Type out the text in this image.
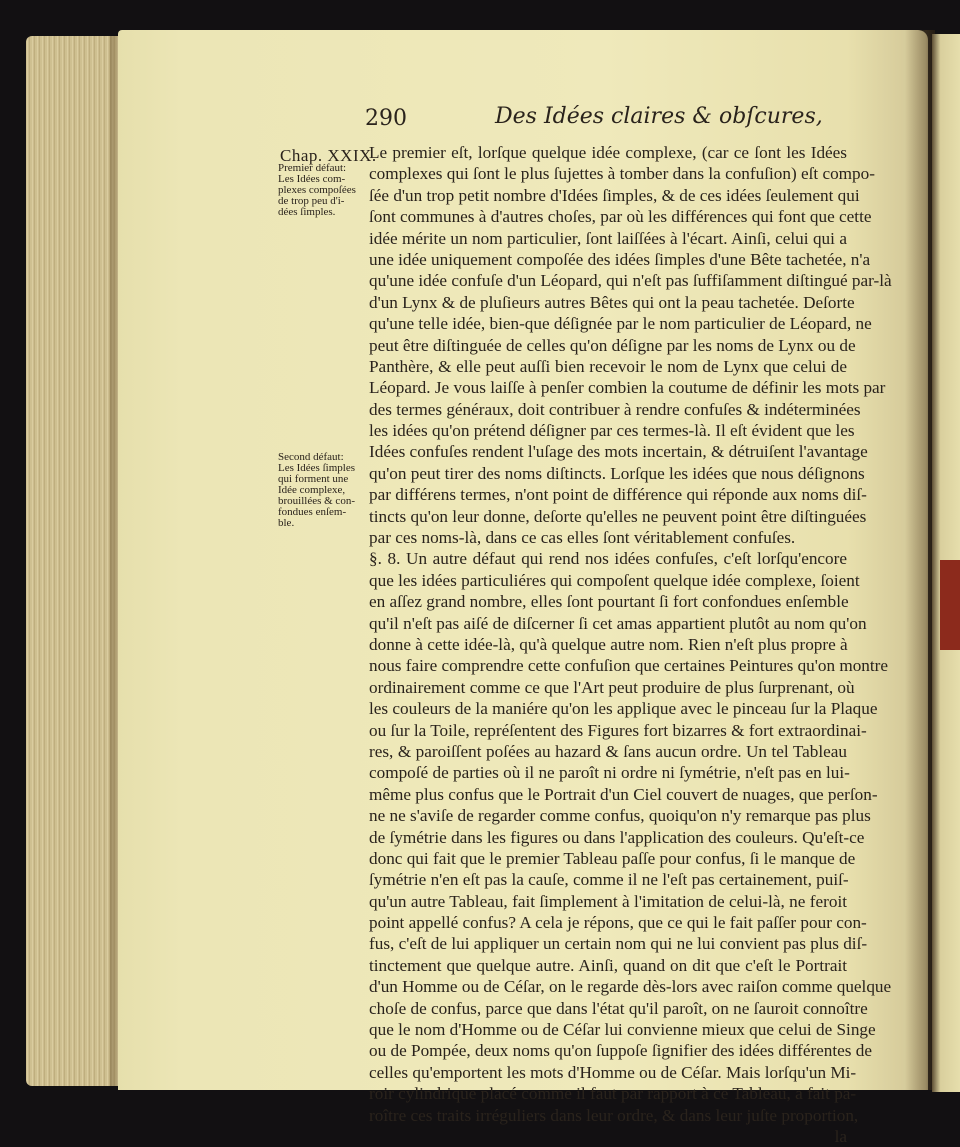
290	Des Idées claires & obſcures,
Chap. XXIX.
Premier défaut:
Les Idées com-
plexes compoſées
de trop peu d'i-
dées ſimples.
Second défaut:
Les Idées ſimples
qui forment une
Idée complexe,
brouillées & con-
fondues enſem-
ble.
Le premier eſt, lorſque quelque idée complexe, (car ce ſont les Idées
complexes qui ſont le plus ſujettes à tomber dans la confuſion) eſt compo-
ſée d'un trop petit nombre d'Idées ſimples, & de ces idées ſeulement qui
ſont communes à d'autres choſes, par où les différences qui font que cette
idée mérite un nom particulier, ſont laiſſées à l'écart. Ainſi, celui qui a
une idée uniquement compoſée des idées ſimples d'une Bête tachetée, n'a
qu'une idée confuſe d'un Léopard, qui n'eſt pas ſuffiſamment diſtingué par-là
d'un Lynx & de pluſieurs autres Bêtes qui ont la peau tachetée. Deſorte
qu'une telle idée, bien-que déſignée par le nom particulier de Léopard, ne
peut être diſtinguée de celles qu'on déſigne par les noms de Lynx ou de
Panthère, & elle peut auſſi bien recevoir le nom de Lynx que celui de
Léopard. Je vous laiſſe à penſer combien la coutume de définir les mots par
des termes généraux, doit contribuer à rendre confuſes & indéterminées
les idées qu'on prétend déſigner par ces termes-là. Il eſt évident que les
Idées confuſes rendent l'uſage des mots incertain, & détruiſent l'avantage
qu'on peut tirer des noms diſtincts. Lorſque les idées que nous déſignons
par différens termes, n'ont point de différence qui réponde aux noms diſ-
tincts qu'on leur donne, deſorte qu'elles ne peuvent point être diſtinguées
par ces noms-là, dans ce cas elles ſont véritablement confuſes.
§. 8. Un autre défaut qui rend nos idées confuſes, c'eſt lorſqu'encore
que les idées particuliéres qui compoſent quelque idée complexe, ſoient
en aſſez grand nombre, elles ſont pourtant ſi fort confondues enſemble
qu'il n'eſt pas aiſé de diſcerner ſi cet amas appartient plutôt au nom qu'on
donne à cette idée-là, qu'à quelque autre nom. Rien n'eſt plus propre à
nous faire comprendre cette confuſion que certaines Peintures qu'on montre
ordinairement comme ce que l'Art peut produire de plus ſurprenant, où
les couleurs de la maniére qu'on les applique avec le pinceau ſur la Plaque
ou ſur la Toile, repréſentent des Figures fort bizarres & fort extraordinai-
res, & paroiſſent poſées au hazard & ſans aucun ordre. Un tel Tableau
compoſé de parties où il ne paroît ni ordre ni ſymétrie, n'eſt pas en lui-
même plus confus que le Portrait d'un Ciel couvert de nuages, que perſon-
ne ne s'aviſe de regarder comme confus, quoiqu'on n'y remarque pas plus
de ſymétrie dans les figures ou dans l'application des couleurs. Qu'eſt-ce
donc qui fait que le premier Tableau paſſe pour confus, ſi le manque de
ſymétrie n'en eſt pas la cauſe, comme il ne l'eſt pas certainement, puiſ-
qu'un autre Tableau, fait ſimplement à l'imitation de celui-là, ne feroit
point appellé confus? A cela je répons, que ce qui le fait paſſer pour con-
fus, c'eſt de lui appliquer un certain nom qui ne lui convient pas plus diſ-
tinctement que quelque autre. Ainſi, quand on dit que c'eſt le Portrait
d'un Homme ou de Céſar, on le regarde dès-lors avec raiſon comme quelque
choſe de confus, parce que dans l'état qu'il paroît, on ne ſauroit connoître
que le nom d'Homme ou de Céſar lui convienne mieux que celui de Singe
ou de Pompée, deux noms qu'on ſuppoſe ſignifier des idées différentes de
celles qu'emportent les mots d'Homme ou de Céſar. Mais lorſqu'un Mi-
roir cylindrique placé comme il faut par rapport à ce Tableau, a fait pa-
roître ces traits irréguliers dans leur ordre, & dans leur juſte proportion,
la
